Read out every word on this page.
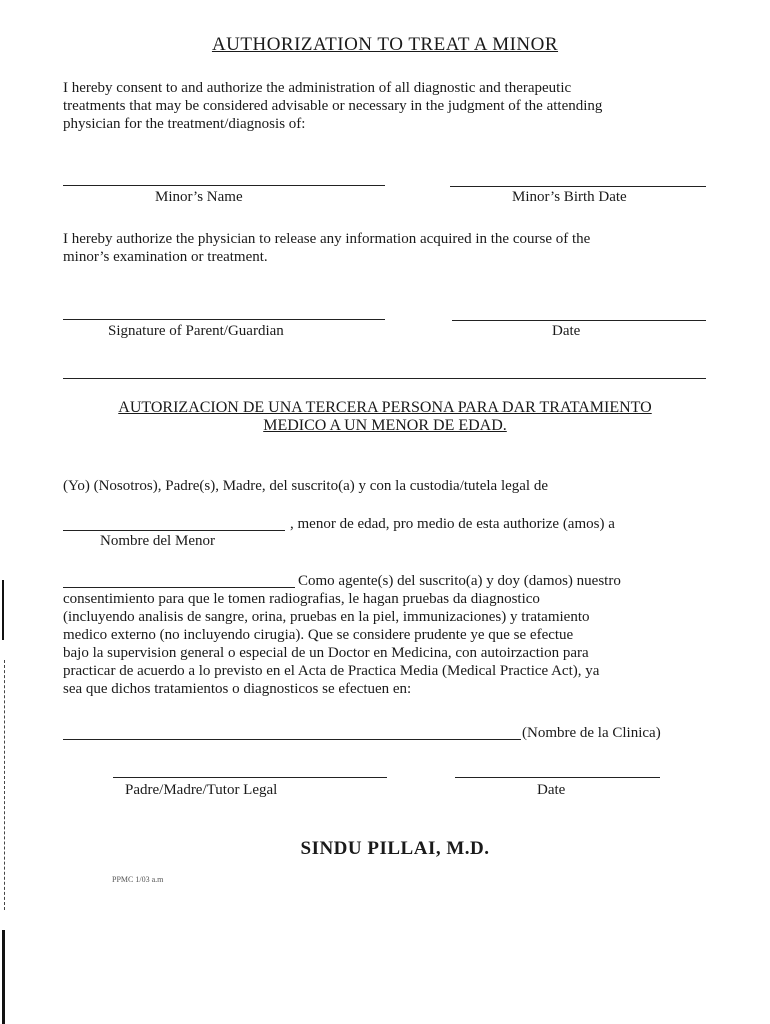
AUTHORIZATION TO TREAT A MINOR
I hereby consent to and authorize the administration of all diagnostic and therapeutic
treatments that may be considered advisable or necessary in the judgment of the attending
physician for the treatment/diagnosis of:
Minor’s Name	Minor’s Birth Date
I hereby authorize the physician to release any information acquired in the course of the
minor’s examination or treatment.
Signature of Parent/Guardian	Date
AUTORIZACION DE UNA TERCERA PERSONA PARA DAR TRATAMIENTO
MEDICO A UN MENOR DE EDAD.
(Yo) (Nosotros), Padre(s), Madre, del suscrito(a) y con la custodia/tutela legal de
, menor de edad, pro medio de esta authorize (amos) a
Nombre del Menor
Como agente(s) del suscrito(a) y doy (damos) nuestro
consentimiento para que le tomen radiografias, le hagan pruebas da diagnostico
(incluyendo analisis de sangre, orina, pruebas en la piel, immunizaciones) y tratamiento
medico externo (no incluyendo cirugia). Que se considere prudente ye que se efectue
bajo la supervision general o especial de un Doctor en Medicina, con autoirzaction para
practicar de acuerdo a lo previsto en el Acta de Practica Media (Medical Practice Act), ya
sea que dichos tratamientos o diagnosticos se efectuen en:
(Nombre de la Clinica)
Padre/Madre/Tutor Legal	Date
SINDU PILLAI, M.D.
PPMC 1/03 a.m
